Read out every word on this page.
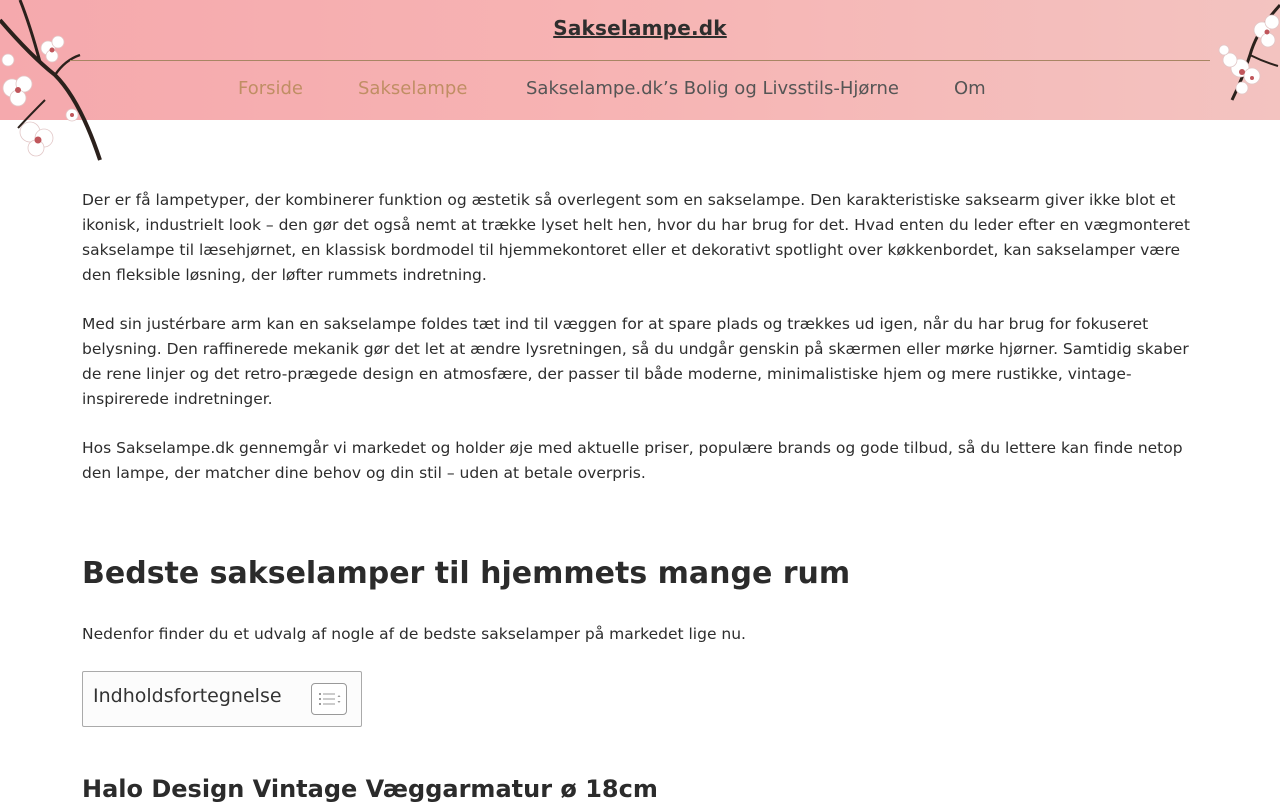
Sakselampe.dk
Forside	Sakselampe	Sakselampe.dk’s Bolig og Livsstils-Hjørne	Om

Der er få lampetyper, der kombinerer funktion og æstetik så overlegent som en sakselampe. Den karakteristiske saksearm giver ikke blot et ikonisk, industrielt look – den gør det også nemt at trække lyset helt hen, hvor du har brug for det. Hvad enten du leder efter en vægmonteret sakselampe til læsehjørnet, en klassisk bordmodel til hjemmekontoret eller et dekorativt spotlight over køkkenbordet, kan sakselamper være den fleksible løsning, der løfter rummets indretning.

Med sin justérbare arm kan en sakselampe foldes tæt ind til væggen for at spare plads og trækkes ud igen, når du har brug for fokuseret belysning. Den raffinerede mekanik gør det let at ændre lysretningen, så du undgår genskin på skærmen eller mørke hjørner. Samtidig skaber de rene linjer og det retro-prægede design en atmosfære, der passer til både moderne, minimalistiske hjem og mere rustikke, vintage-inspirerede indretninger.

Hos Sakselampe.dk gennemgår vi markedet og holder øje med aktuelle priser, populære brands og gode tilbud, så du lettere kan finde netop den lampe, der matcher dine behov og din stil – uden at betale overpris.

Bedste sakselamper til hjemmets mange rum

Nedenfor finder du et udvalg af nogle af de bedste sakselamper på markedet lige nu.

Indholdsfortegnelse
Halo Design Vintage Væggarmatur ø 18cm
